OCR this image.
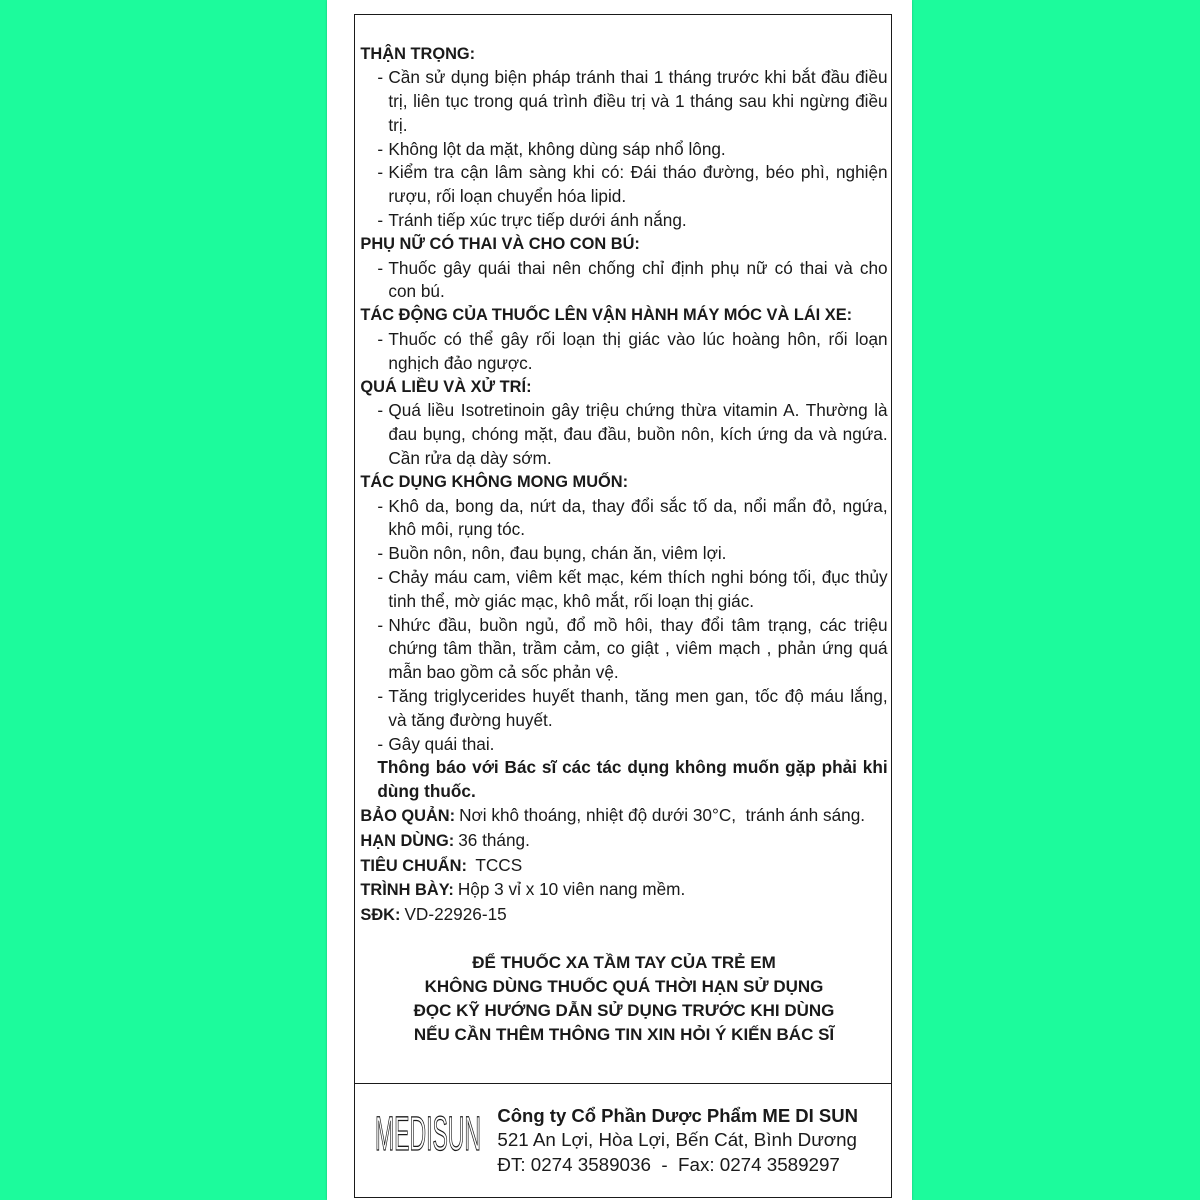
THẬN TRỌNG:
- Cần sử dụng biện pháp tránh thai 1 tháng trước khi bắt đầu điều trị, liên tục trong quá trình điều trị và 1 tháng sau khi ngừng điều trị.
- Không lột da mặt, không dùng sáp nhổ lông.
- Kiểm tra cận lâm sàng khi có: Đái tháo đường, béo phì, nghiện rượu, rối loạn chuyển hóa lipid.
- Tránh tiếp xúc trực tiếp dưới ánh nắng.
PHỤ NỮ CÓ THAI VÀ CHO CON BÚ:
- Thuốc gây quái thai nên chống chỉ định phụ nữ có thai và cho con bú.
TÁC ĐỘNG CỦA THUỐC LÊN VẬN HÀNH MÁY MÓC VÀ LÁI XE:
- Thuốc có thể gây rối loạn thị giác vào lúc hoàng hôn, rối loạn nghịch đảo ngược.
QUÁ LIỀU VÀ XỬ TRÍ:
- Quá liều Isotretinoin gây triệu chứng thừa vitamin A. Thường là đau bụng, chóng mặt, đau đầu, buồn nôn, kích ứng da và ngứa. Cần rửa dạ dày sớm.
TÁC DỤNG KHÔNG MONG MUỐN:
- Khô da, bong da, nứt da, thay đổi sắc tố da, nổi mẩn đỏ, ngứa, khô môi, rụng tóc.
- Buồn nôn, nôn, đau bụng, chán ăn, viêm lợi.
- Chảy máu cam, viêm kết mạc, kém thích nghi bóng tối, đục thủy tinh thể, mờ giác mạc, khô mắt, rối loạn thị giác.
- Nhức đầu, buồn ngủ, đổ mồ hôi, thay đổi tâm trạng, các triệu chứng tâm thần, trầm cảm, co giật , viêm mạch , phản ứng quá mẫn bao gồm cả sốc phản vệ.
- Tăng triglycerides huyết thanh, tăng men gan, tốc độ máu lắng, và tăng đường huyết.
- Gây quái thai.
Thông báo với Bác sĩ các tác dụng không muốn gặp phải khi dùng thuốc.
BẢO QUẢN: Nơi khô thoáng, nhiệt độ dưới 30°C,  tránh ánh sáng.
HẠN DÙNG: 36 tháng.
TIÊU CHUẨN: TCCS
TRÌNH BÀY: Hộp 3 vỉ x 10 viên nang mềm.
SĐK: VD-22926-15
ĐỂ THUỐC XA TẦM TAY CỦA TRẺ EM
KHÔNG DÙNG THUỐC QUÁ THỜI HẠN SỬ DỤNG
ĐỌC KỸ HƯỚNG DẪN SỬ DỤNG TRƯỚC KHI DÙNG
NẾU CẦN THÊM THÔNG TIN XIN HỎI Ý KIẾN BÁC SĨ
MEDISUN Công ty Cổ Phần Dược Phẩm ME DI SUN
521 An Lợi, Hòa Lợi, Bến Cát, Bình Dương
ĐT: 0274 3589036  -  Fax: 0274 3589297
